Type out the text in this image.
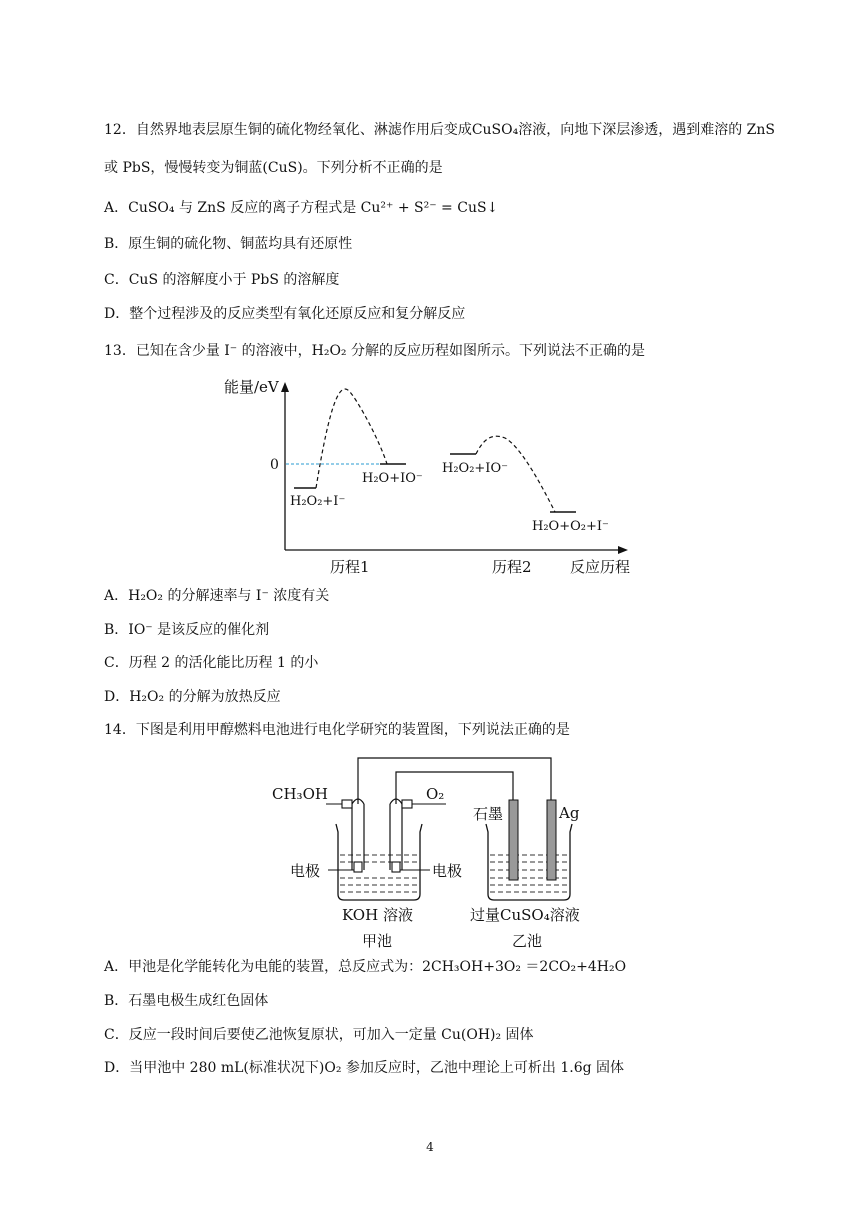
12．自然界地表层原生铜的硫化物经氧化、淋滤作用后变成CuSO₄溶液，向地下深层渗透，遇到难溶的 ZnS
或 PbS，慢慢转变为铜蓝(CuS)。下列分析不正确的是
A．CuSO₄ 与 ZnS 反应的离子方程式是 Cu²⁺ + S²⁻ = CuS↓
B．原生铜的硫化物、铜蓝均具有还原性
C．CuS 的溶解度小于 PbS 的溶解度
D．整个过程涉及的反应类型有氧化还原反应和复分解反应
13．已知在含少量 I⁻ 的溶液中，H₂O₂ 分解的反应历程如图所示。下列说法不正确的是
能量/eV
0
H₂O₂+I⁻
H₂O+IO⁻
H₂O₂+IO⁻
H₂O+O₂+I⁻
历程1	历程2	反应历程
A．H₂O₂ 的分解速率与 I⁻ 浓度有关
B．IO⁻ 是该反应的催化剂
C．历程 2 的活化能比历程 1 的小
D．H₂O₂ 的分解为放热反应
14．下图是利用甲醇燃料电池进行电化学研究的装置图，下列说法正确的是
CH₃OH	O₂
石墨	Ag
电极	电极
KOH 溶液	过量CuSO₄溶液
甲池	乙池
A．甲池是化学能转化为电能的装置，总反应式为：2CH₃OH+3O₂ ＝2CO₂+4H₂O
B．石墨电极生成红色固体
C．反应一段时间后要使乙池恢复原状，可加入一定量 Cu(OH)₂ 固体
D．当甲池中 280 mL(标准状况下)O₂ 参加反应时，乙池中理论上可析出 1.6g 固体
4
